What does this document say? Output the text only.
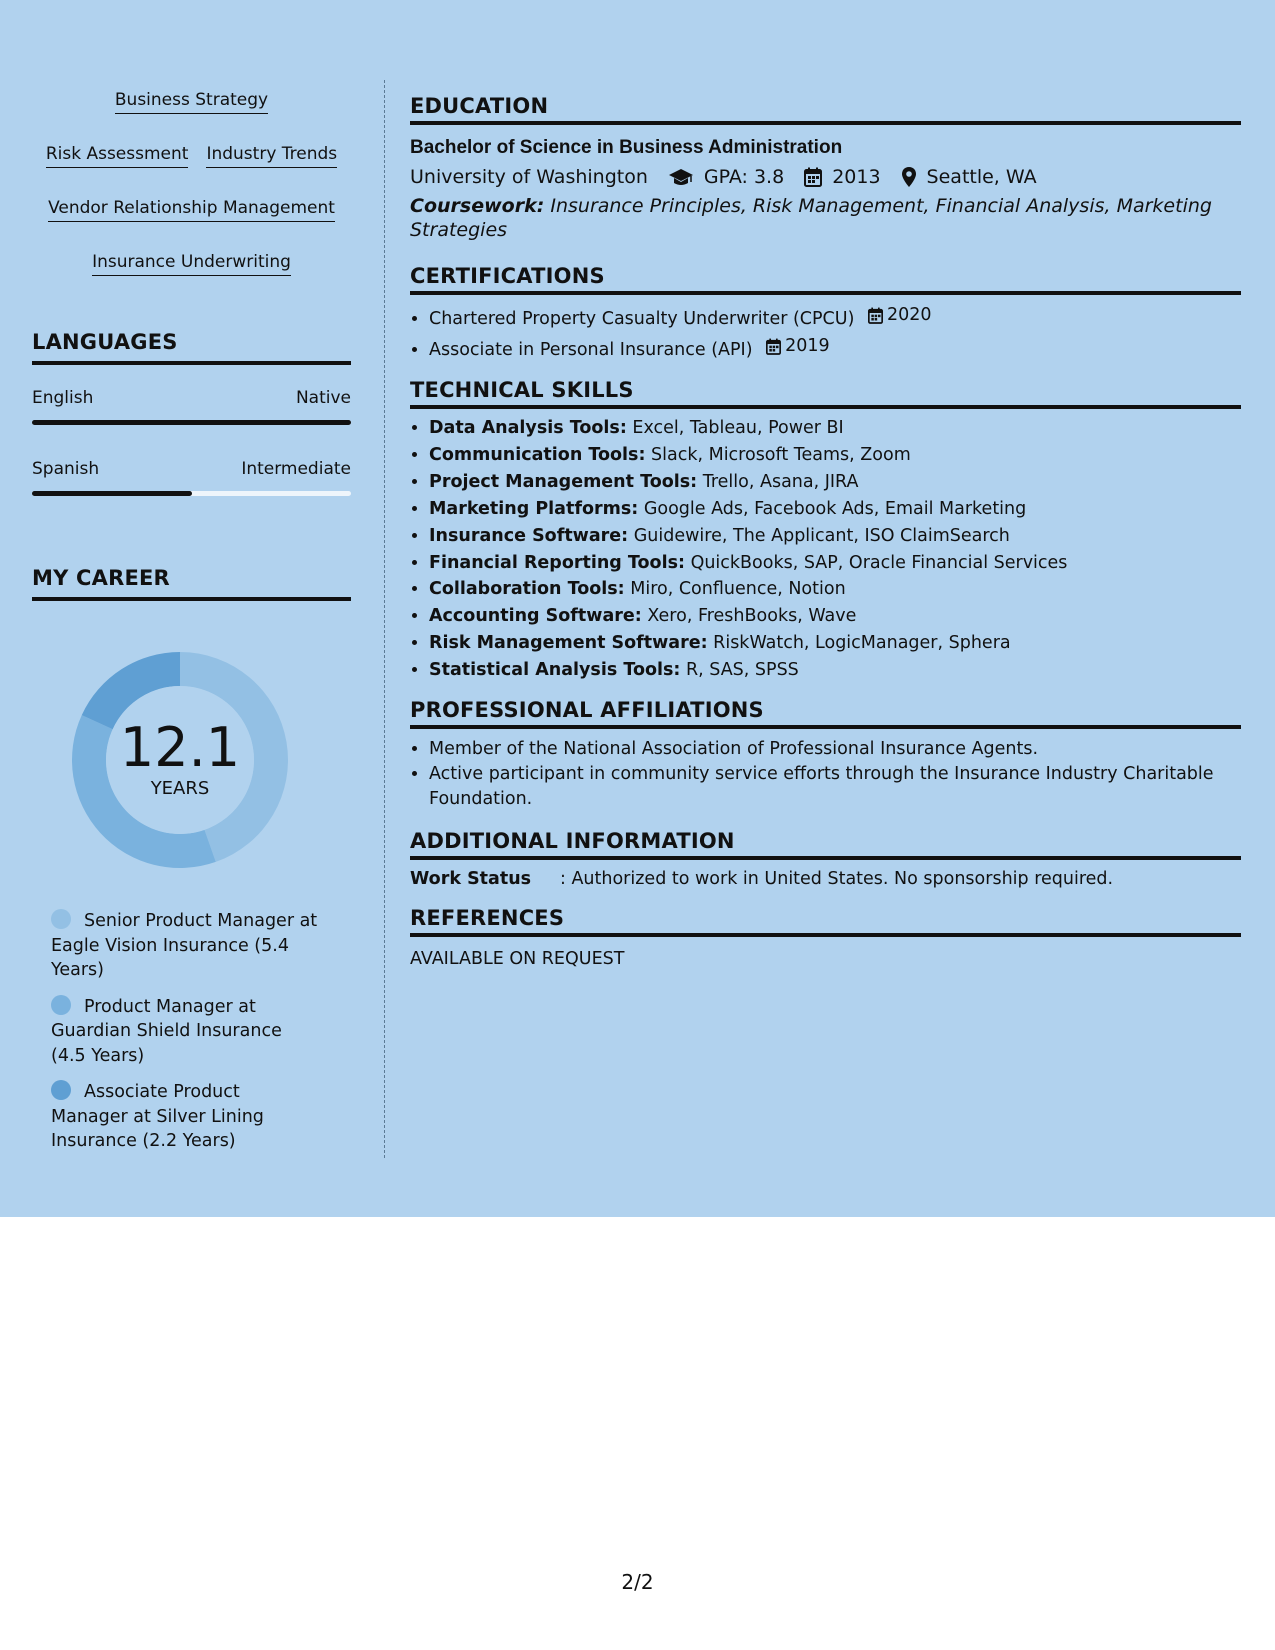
Business Strategy
Risk Assessment Industry Trends
Vendor Relationship Management
Insurance Underwriting
LANGUAGES
English	Native
Spanish	Intermediate
MY CAREER
12.1
YEARS
Senior Product Manager at Eagle Vision Insurance (5.4 Years)
Product Manager at Guardian Shield Insurance (4.5 Years)
Associate Product Manager at Silver Lining Insurance (2.2 Years)
EDUCATION
Bachelor of Science in Business Administration
University of Washington	GPA: 3.8	2013 Seattle, WA
Coursework: Insurance Principles, Risk Management, Financial Analysis, Marketing Strategies
CERTIFICATIONS
• Chartered Property Casualty Underwriter (CPCU) 2020
• Associate in Personal Insurance (API) 2019
TECHNICAL SKILLS
• Data Analysis Tools: Excel, Tableau, Power BI
• Communication Tools: Slack, Microsoft Teams, Zoom
• Project Management Tools: Trello, Asana, JIRA
• Marketing Platforms: Google Ads, Facebook Ads, Email Marketing
• Insurance Software: Guidewire, The Applicant, ISO ClaimSearch
• Financial Reporting Tools: QuickBooks, SAP, Oracle Financial Services
• Collaboration Tools: Miro, Confluence, Notion
• Accounting Software: Xero, FreshBooks, Wave
• Risk Management Software: RiskWatch, LogicManager, Sphera
• Statistical Analysis Tools: R, SAS, SPSS
PROFESSIONAL AFFILIATIONS
• Member of the National Association of Professional Insurance Agents.
• Active participant in community service efforts through the Insurance Industry Charitable Foundation.
ADDITIONAL INFORMATION
Work Status	: Authorized to work in United States. No sponsorship required.
REFERENCES
AVAILABLE ON REQUEST
2/2
